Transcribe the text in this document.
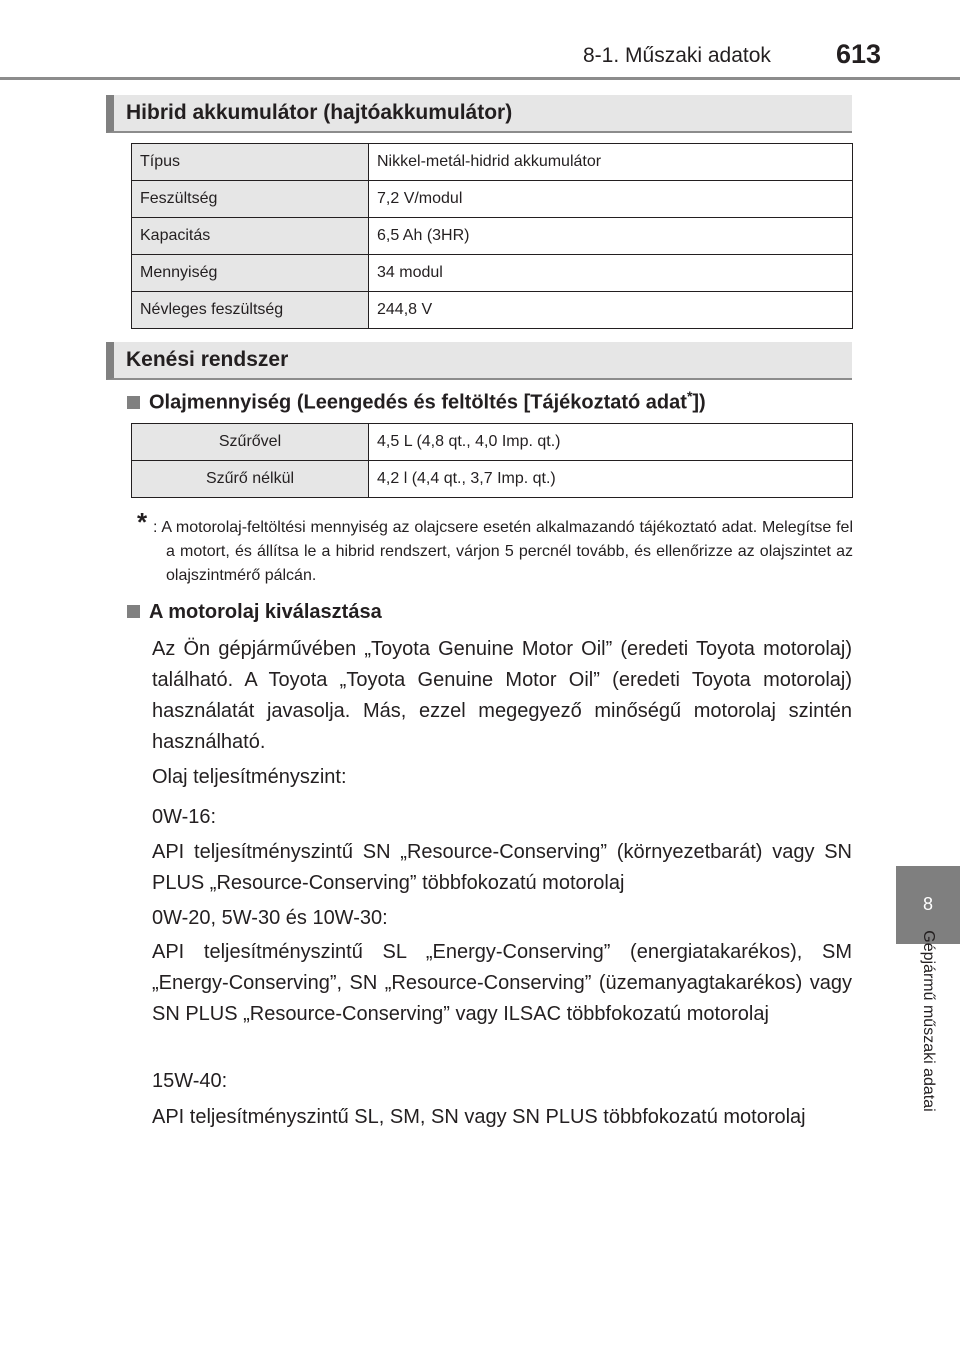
8-1. Műszaki adatok 613
8
Gépjármű műszaki adatai
Hibrid akkumulátor (hajtóakkumulátor)
Típus	Nikkel-metál-hidrid akkumulátor
Feszültség	7,2 V/modul
Kapacitás	6,5 Ah (3HR)
Mennyiség	34 modul
Névleges feszültség	244,8 V
Kenési rendszer
Olajmennyiség (Leengedés és feltöltés [Tájékoztató adat*])
Szűrővel	4,5 L (4,8 qt., 4,0 Imp. qt.)
Szűrő nélkül	4,2 l (4,4 qt., 3,7 Imp. qt.)
* : A motorolaj-feltöltési mennyiség az olajcsere esetén alkalmazandó tájékoztató adat. Melegítse fel a motort, és állítsa le a hibrid rendszert, várjon 5 percnél tovább, és ellenőrizze az olajszintet az olajszintmérő pálcán.

A motorolaj kiválasztása

Az Ön gépjárművében „Toyota Genuine Motor Oil” (eredeti Toyota motorolaj) található. A Toyota „Toyota Genuine Motor Oil” (eredeti Toyota motorolaj) használatát javasolja. Más, ezzel megegyező minőségű motorolaj szintén használható.

Olaj teljesítményszint:

0W-16:

API teljesítményszintű SN „Resource-Conserving” (környezetbarát) vagy SN PLUS „Resource-Conserving” többfokozatú motorolaj

0W-20, 5W-30 és 10W-30:

API teljesítményszintű SL „Energy-Conserving” (energiatakarékos), SM „Energy-Conserving”, SN „Resource-Conserving” (üzemanyagtakarékos) vagy SN PLUS „Resource-Conserving” vagy ILSAC többfokozatú motorolaj

15W-40:

API teljesítményszintű SL, SM, SN vagy SN PLUS többfokozatú motorolaj
